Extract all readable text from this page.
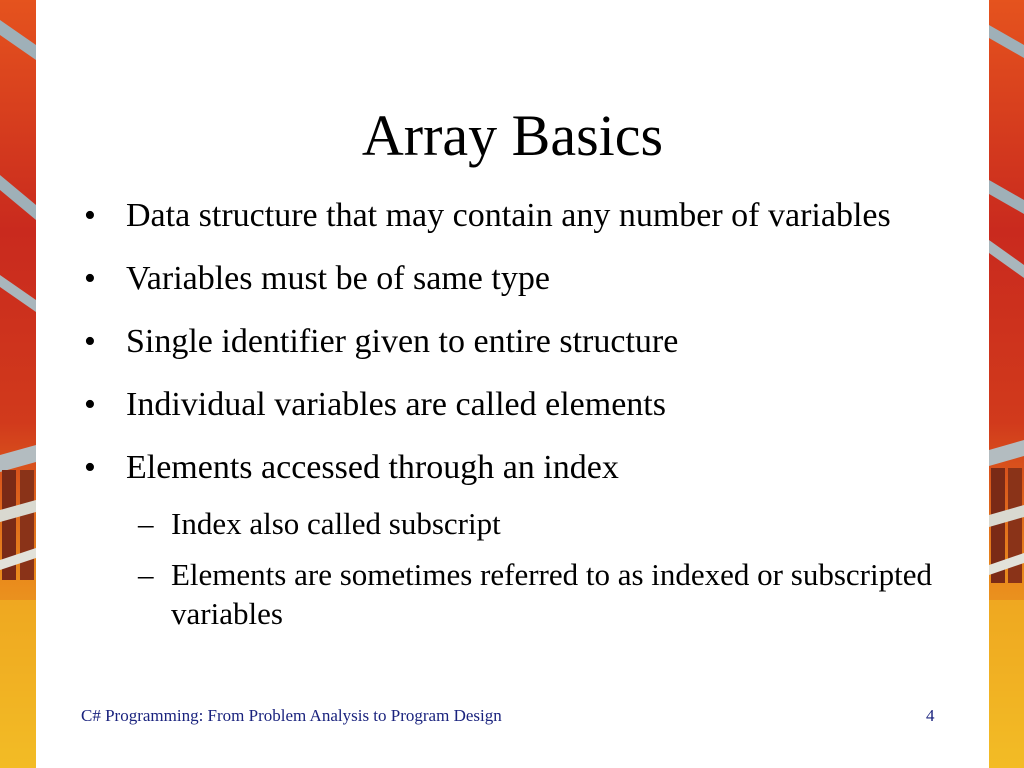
Array Basics
• Data structure that may contain any number of variables
• Variables must be of same type
• Single identifier given to entire structure
• Individual variables are called elements
• Elements accessed through an index
– Index also called subscript
– Elements are sometimes referred to as indexed or subscripted variables
C# Programming: From Problem Analysis to Program Design	4
